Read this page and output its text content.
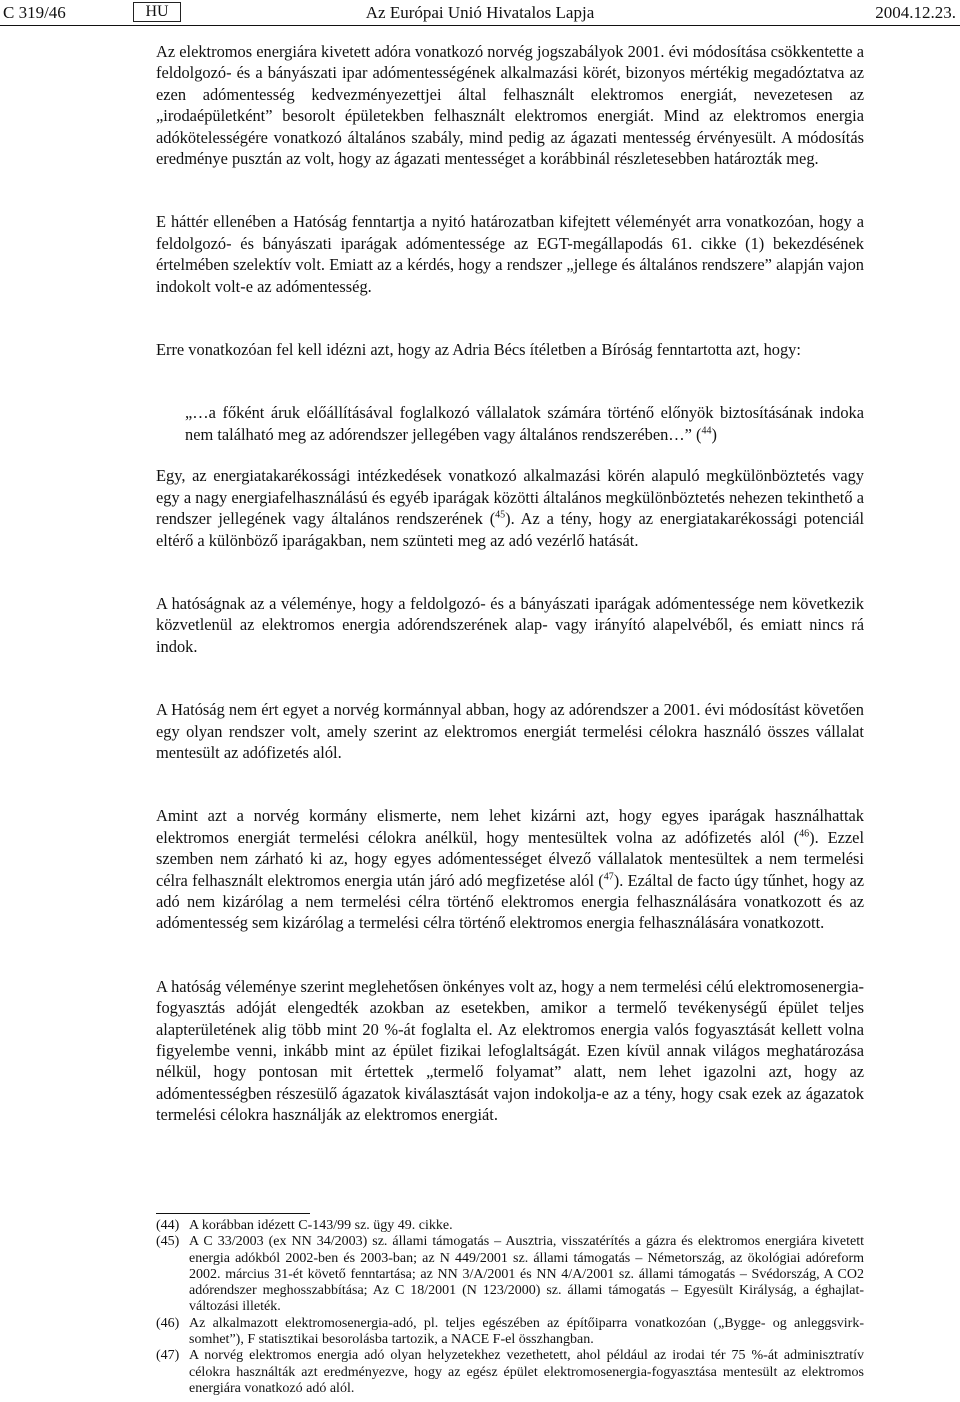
Az Európai Unió Hivatalos Lapja
C 319/46	HU	2004.12.23.

Az elektromos energiára kivetett adóra vonatkozó norvég jogszabályok 2001. évi módosítása csökkentette a feldolgozó- és a bányászati ipar adómentességének alkalmazási körét, bizonyos mértékig megadóztatva az ezen adómentesség kedvezményezettjei által felhasznált elektromos energiát, nevezetesen az „irodaépületként” besorolt épületekben felhasznált elektromos energiát. Mind az elektromos energia adókötelességére vonatkozó általános szabály, mind pedig az ágazati mentesség érvényesült. A módosítás eredménye pusztán az volt, hogy az ágazati mentességet a korábbinál részletesebben határozták meg.

E háttér ellenében a Hatóság fenntartja a nyitó határozatban kifejtett véleményét arra vonatkozóan, hogy a feldolgozó- és bányászati iparágak adómentessége az EGT-megállapodás 61. cikke (1) bekezdésének értelmében szelektív volt. Emiatt az a kérdés, hogy a rendszer „jellege és általános rendszere” alapján vajon indokolt volt-e az adómentesség.

Erre vonatkozóan fel kell idézni azt, hogy az Adria Bécs ítéletben a Bíróság fenntartotta azt, hogy:

„…a főként áruk előállításával foglalkozó vállalatok számára történő előnyök biztosításának indoka nem található meg az adórendszer jellegében vagy általános rendszerében…” ($^{44}$)

Egy, az energiatakarékossági intézkedések vonatkozó alkalmazási körén alapuló megkülönböztetés vagy egy a nagy energiafelhasználású és egyéb iparágak közötti általános megkülönböztetés nehezen tekinthető a rendszer jellegének vagy általános rendszerének ($^{45}$). Az a tény, hogy az energiatakarékossági potenciál eltérő a különböző iparágakban, nem szünteti meg az adó vezérlő hatását.

A hatóságnak az a véleménye, hogy a feldolgozó- és a bányászati iparágak adómentessége nem következik közvetlenül az elektromos energia adórendszerének alap- vagy irányító alapelvéből, és emiatt nincs rá indok.

A Hatóság nem ért egyet a norvég kormánnyal abban, hogy az adórendszer a 2001. évi módosítást követően egy olyan rendszer volt, amely szerint az elektromos energiát termelési célokra használó összes vállalat mentesült az adófizetés alól.

Amint azt a norvég kormány elismerte, nem lehet kizárni azt, hogy egyes iparágak használhattak elektromos energiát termelési célokra anélkül, hogy mentesültek volna az adófizetés alól ($^{46}$). Ezzel szemben nem zárható ki az, hogy egyes adómentességet élvező vállalatok mentesültek a nem termelési célra felhasznált elektromos energia után járó adó megfizetése alól ($^{47}$). Ezáltal de facto úgy tűnhet, hogy az adó nem kizárólag a nem termelési célra történő elektromos energia felhasználására vonatkozott és az adómentesség sem kizárólag a termelési célra történő elektromos energia felhasználására vonatkozott.

A hatóság véleménye szerint meglehetősen önkényes volt az, hogy a nem termelési célú elektromosenergia-fogyasztás adóját elengedték azokban az esetekben, amikor a termelő tevékenységű épület teljes alapterületének alig több mint 20 %-át foglalta el. Az elektromos energia valós fogyasztását kellett volna figyelembe venni, inkább mint az épület fizikai lefoglaltságát. Ezen kívül annak világos meghatározása nélkül, hogy pontosan mit értettek „termelő folyamat” alatt, nem lehet igazolni azt, hogy az adómentességben részesülő ágazatok kiválasztását vajon indokolja-e az a tény, hogy csak ezek az ágazatok termelési célokra használják az elektromos energiát.

(44) A korábban idézett C-143/99 sz. ügy 49. cikke.

(45) A C 33/2003 (ex NN 34/2003) sz. állami támogatás – Ausztria, visszatérítés a gázra és elektromos energiára kivetett energia adókból 2002-ben és 2003-ban; az N 449/2001 sz. állami támogatás – Németország, az ökológiai adóreform 2002. március 31-ét követő fenntartása; az NN 3/A/2001 és NN 4/A/2001 sz. állami támogatás – Svédország, A CO2 adórendszer meghosszabbítása; Az C 18/2001 (N 123/2000) sz. állami támogatás – Egyesült Királyság, a éghajlat-változási illeték.

(46) Az alkalmazott elektromosenergia-adó, pl. teljes egészében az építőiparra vonatkozóan („Bygge- og anleggsvirksomhet”), F statisztikai besorolásba tartozik, a NACE F-el összhangban.

(47) A norvég elektromos energia adó olyan helyzetekhez vezethetett, ahol például az irodai tér 75 %-át adminisztratív célokra használták azt eredményezve, hogy az egész épület elektromosenergia-fogyasztása mentesült az elektromos energiára vonatkozó adó alól.
